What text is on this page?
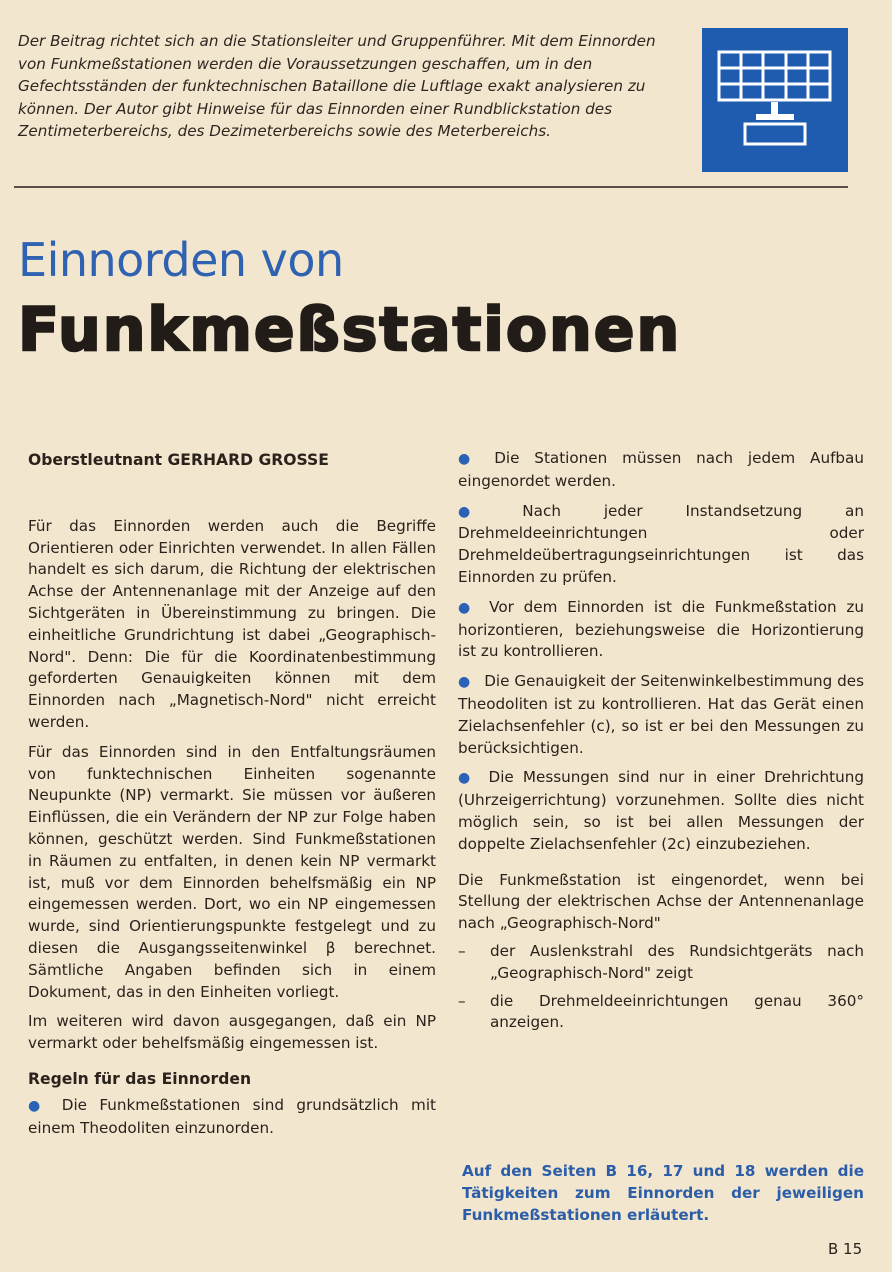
Der Beitrag richtet sich an die Stationsleiter und Gruppenführer. Mit dem Einnorden von Funkmeßstationen werden die Voraussetzungen geschaffen, um in den Gefechtsständen der funktechnischen Bataillone die Luftlage exakt analysieren zu können. Der Autor gibt Hinweise für das Einnorden einer Rundblickstation des Zentimeterbereichs, des Dezimeterbereichs sowie des Meterbereichs.
Einnorden von
Funkmeßstationen

Oberstleutnant GERHARD GROSSE

Für das Einnorden werden auch die Begriffe Orientieren oder Einrichten verwendet. In allen Fällen handelt es sich darum, die Richtung der elektrischen Achse der Antennenanlage mit der Anzeige auf den Sichtgeräten in Übereinstimmung zu bringen. Die einheitliche Grundrichtung ist dabei „Geographisch-Nord". Denn: Die für die Koordinatenbestimmung geforderten Genauigkeiten können mit dem Einnorden nach „Magnetisch-Nord" nicht erreicht werden.

Für das Einnorden sind in den Entfaltungsräumen von funktechnischen Einheiten sogenannte Neupunkte (NP) vermarkt. Sie müssen vor äußeren Einflüssen, die ein Verändern der NP zur Folge haben können, geschützt werden. Sind Funkmeßstationen in Räumen zu entfalten, in denen kein NP vermarkt ist, muß vor dem Einnorden behelfsmäßig ein NP eingemessen werden. Dort, wo ein NP eingemessen wurde, sind Orientierungspunkte festgelegt und zu diesen die Ausgangsseitenwinkel β berechnet. Sämtliche Angaben befinden sich in einem Dokument, das in den Einheiten vorliegt.

Im weiteren wird davon ausgegangen, daß ein NP vermarkt oder behelfsmäßig eingemessen ist.

Regeln für das Einnorden

● Die Funkmeßstationen sind grundsätzlich mit einem Theodoliten einzunorden.

● Die Stationen müssen nach jedem Aufbau eingenordet werden.

● Nach jeder Instandsetzung an Drehmeldeeinrichtungen oder Drehmeldeübertragungseinrichtungen ist das Einnorden zu prüfen.

● Vor dem Einnorden ist die Funkmeßstation zu horizontieren, beziehungsweise die Horizontierung ist zu kontrollieren.

● Die Genauigkeit der Seitenwinkelbestimmung des Theodoliten ist zu kontrollieren. Hat das Gerät einen Zielachsenfehler (c), so ist er bei den Messungen zu berücksichtigen.

● Die Messungen sind nur in einer Drehrichtung (Uhrzeigerrichtung) vorzunehmen. Sollte dies nicht möglich sein, so ist bei allen Messungen der doppelte Zielachsenfehler (2c) einzubeziehen.

Die Funkmeßstation ist eingenordet, wenn bei Stellung der elektrischen Achse der Antennenanlage nach „Geographisch-Nord"

–	der Auslenkstrahl des Rundsichtgeräts nach „Geographisch-Nord" zeigt
–	die Drehmeldeeinrichtungen genau 360° anzeigen.
Auf den Seiten B 16, 17 und 18 werden die Tätigkeiten zum Einnorden der jeweiligen Funkmeßstationen erläutert.
B 15
